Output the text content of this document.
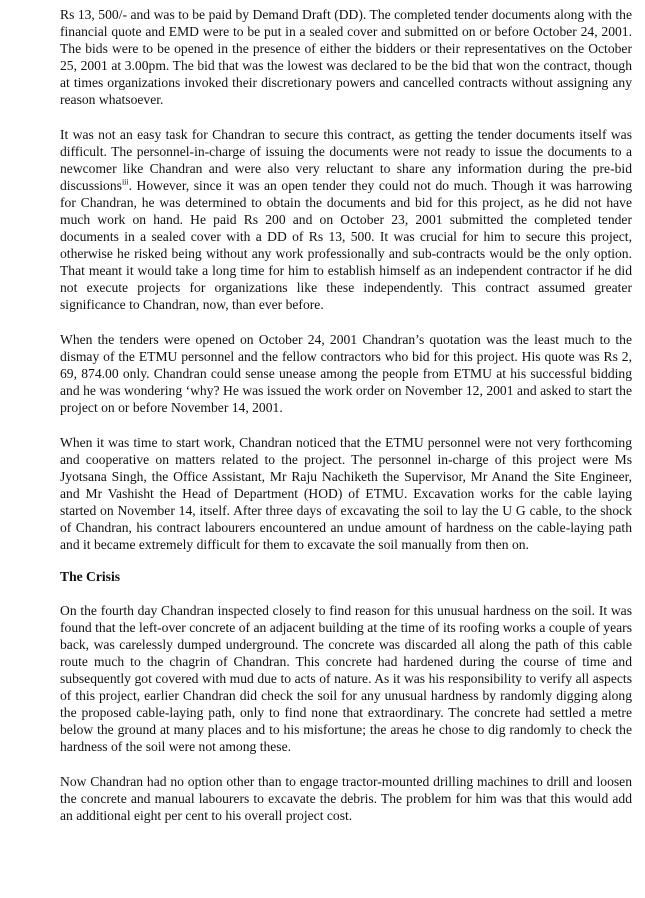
Rs 13, 500/- and was to be paid by Demand Draft (DD). The completed tender documents along with the financial quote and EMD were to be put in a sealed cover and submitted on or before October 24, 2001. The bids were to be opened in the presence of either the bidders or their representatives on the October 25, 2001 at 3.00pm. The bid that was the lowest was declared to be the bid that won the contract, though at times organizations invoked their discretionary powers and cancelled contracts without assigning any reason whatsoever.

It was not an easy task for Chandran to secure this contract, as getting the tender documents itself was difficult. The personnel-in-charge of issuing the documents were not ready to issue the documents to a newcomer like Chandran and were also very reluctant to share any information during the pre-bid discussions$^{iii}$. However, since it was an open tender they could not do much. Though it was harrowing for Chandran, he was determined to obtain the documents and bid for this project, as he did not have much work on hand. He paid Rs 200 and on October 23, 2001 submitted the completed tender documents in a sealed cover with a DD of Rs 13, 500. It was crucial for him to secure this project, otherwise he risked being without any work professionally and sub-contracts would be the only option. That meant it would take a long time for him to establish himself as an independent contractor if he did not execute projects for organizations like these independently. This contract assumed greater significance to Chandran, now, than ever before.

When the tenders were opened on October 24, 2001 Chandran’s quotation was the least much to the dismay of the ETMU personnel and the fellow contractors who bid for this project. His quote was Rs 2, 69, 874.00 only. Chandran could sense unease among the people from ETMU at his successful bidding and he was wondering ‘why? He was issued the work order on November 12, 2001 and asked to start the project on or before November 14, 2001.

When it was time to start work, Chandran noticed that the ETMU personnel were not very forthcoming and cooperative on matters related to the project. The personnel in-charge of this project were Ms Jyotsana Singh, the Office Assistant, Mr Raju Nachiketh the Supervisor, Mr Anand the Site Engineer, and Mr Vashisht the Head of Department (HOD) of ETMU. Excavation works for the cable laying started on November 14, itself. After three days of excavating the soil to lay the U G cable, to the shock of Chandran, his contract labourers encountered an undue amount of hardness on the cable-laying path and it became extremely difficult for them to excavate the soil manually from then on.

The Crisis

On the fourth day Chandran inspected closely to find reason for this unusual hardness on the soil. It was found that the left-over concrete of an adjacent building at the time of its roofing works a couple of years back, was carelessly dumped underground. The concrete was discarded all along the path of this cable route much to the chagrin of Chandran. This concrete had hardened during the course of time and subsequently got covered with mud due to acts of nature. As it was his responsibility to verify all aspects of this project, earlier Chandran did check the soil for any unusual hardness by randomly digging along the proposed cable-laying path, only to find none that extraordinary. The concrete had settled a metre below the ground at many places and to his misfortune; the areas he chose to dig randomly to check the hardness of the soil were not among these.

Now Chandran had no option other than to engage tractor-mounted drilling machines to drill and loosen the concrete and manual labourers to excavate the debris. The problem for him was that this would add an additional eight per cent to his overall project cost.
